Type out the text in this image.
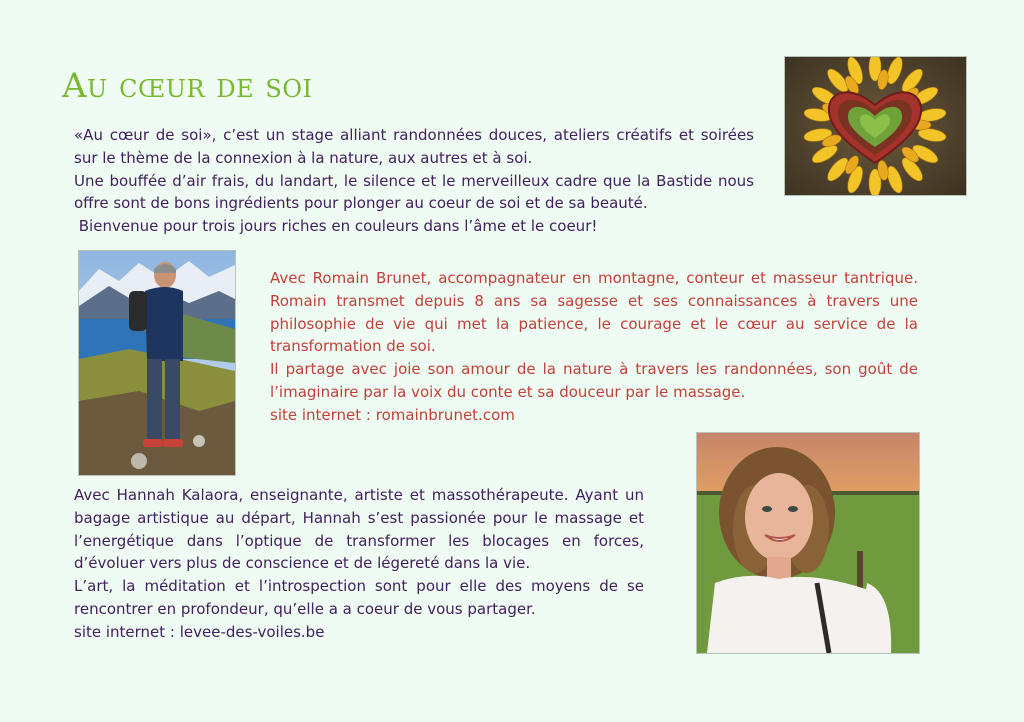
Au cœur de soi

«Au cœur de soi», c’est un stage alliant randonnées douces, ateliers créatifs et soirées sur le thème de la connexion à la nature, aux autres et à soi.

Une bouffée d’air frais, du landart, le silence et le merveilleux cadre que la Bastide nous offre sont de bons ingrédients pour plonger au coeur de soi et de sa beauté.

Bienvenue pour trois jours riches en couleurs dans l’âme et le coeur!

Avec Romain Brunet, accompagnateur en montagne, conteur et masseur tantrique. Romain transmet depuis 8 ans sa sagesse et ses connaissances à travers une philosophie de vie qui met la patience, le courage et le cœur au service de la transformation de soi.

Il partage avec joie son amour de la nature à travers les randonnées, son goût de l’imaginaire par la voix du conte et sa douceur par le massage.

site internet : romainbrunet.com

Avec Hannah Kalaora, enseignante, artiste et massothérapeute. Ayant un bagage artistique au départ, Hannah s’est passionée pour le massage et l’energétique dans l’optique de transformer les blocages en forces, d’évoluer vers plus de conscience et de légereté dans la vie.

L’art, la méditation et l’introspection sont pour elle des moyens de se rencontrer en profondeur, qu’elle a a coeur de vous partager.

site internet : levee-des-voiles.be
